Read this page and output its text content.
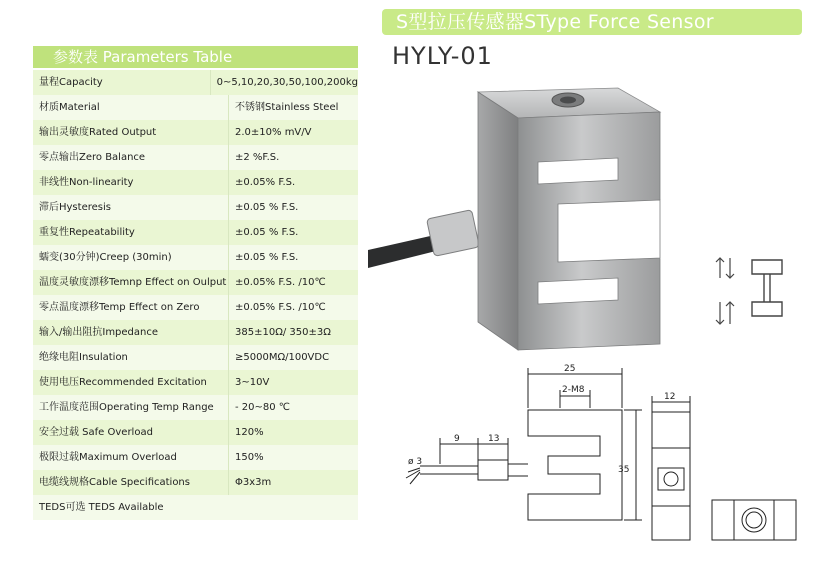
S型拉压传感器SType Force Sensor
参数表 Parameters Table
量程Capacity	0~5,10,20,30,50,100,200kg
材质Material	不锈钢Stainless Steel
输出灵敏度Rated Output	2.0±10% mV/V
零点输出Zero Balance	±2 %F.S.
非线性Non-linearity	±0.05% F.S.
滞后Hysteresis	±0.05 % F.S.
重复性Repeatability	±0.05 % F.S.
蠕变(30分钟)Creep (30min)	±0.05 % F.S.
温度灵敏度漂移Temnp Effect on Oulput ±0.05% F.S. /10℃
零点温度漂移Temp Effect on Zero	±0.05% F.S. /10℃
输入/输出阻抗Impedance	385±10Ω/ 350±3Ω
绝缘电阻Insulation	≥5000MΩ/100VDC
使用电压Recommended Excitation	3~10V
工作温度范围Operating Temp Range	- 20~80 ℃
安全过载 Safe Overload	120%
极限过载Maximum Overload	150%
电缆线规格Cable Specifications	Φ3x3m
TEDS可选 TEDS Available
HYLY-01
25
2-M8
9	13
ø 3
35
12
